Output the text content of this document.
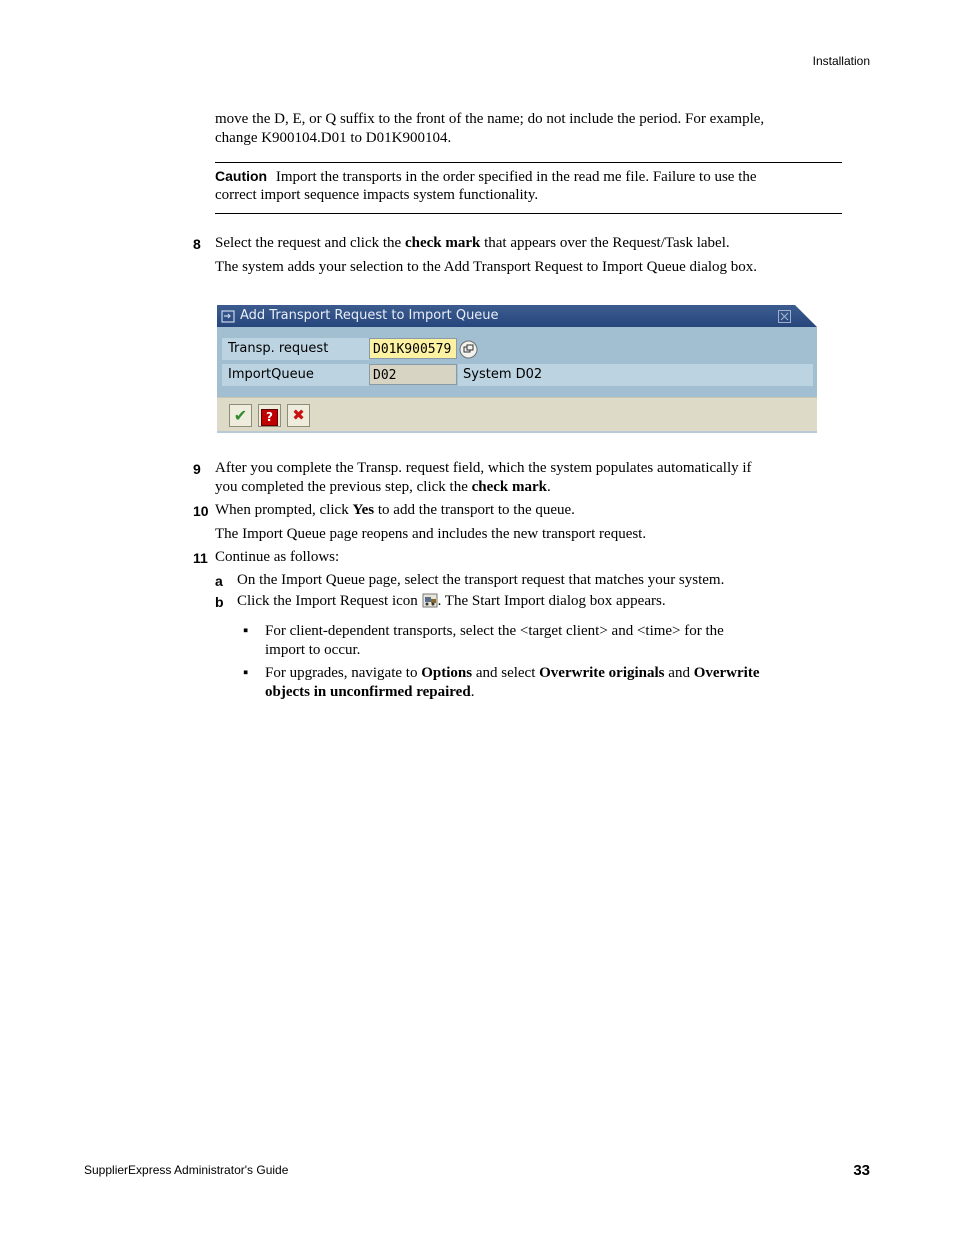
Installation
move the D, E, or Q suffix to the front of the name; do not include the period. For example,
change K900104.D01 to D01K900104.
Caution Import the transports in the order specified in the read me file. Failure to use the
correct import sequence impacts system functionality.
8 Select the request and click the check mark that appears over the Request/Task label.
The system adds your selection to the Add Transport Request to Import Queue dialog box.
Add Transport Request to Import Queue
Transp. request	D01K900579
ImportQueue	D02	System D02
✔	?	✖
9 After you complete the Transp. request field, which the system populates automatically if
you completed the previous step, click the check mark.
10 When prompted, click Yes to add the transport to the queue.
The Import Queue page reopens and includes the new transport request.
11 Continue as follows:
a On the Import Queue page, select the transport request that matches your system.
b Click the Import Request icon . The Start Import dialog box appears.
▪ For client-dependent transports, select the <target client> and <time> for the
import to occur.
▪ For upgrades, navigate to Options and select Overwrite originals and Overwrite
objects in unconfirmed repaired.
SupplierExpress Administrator's Guide	33
